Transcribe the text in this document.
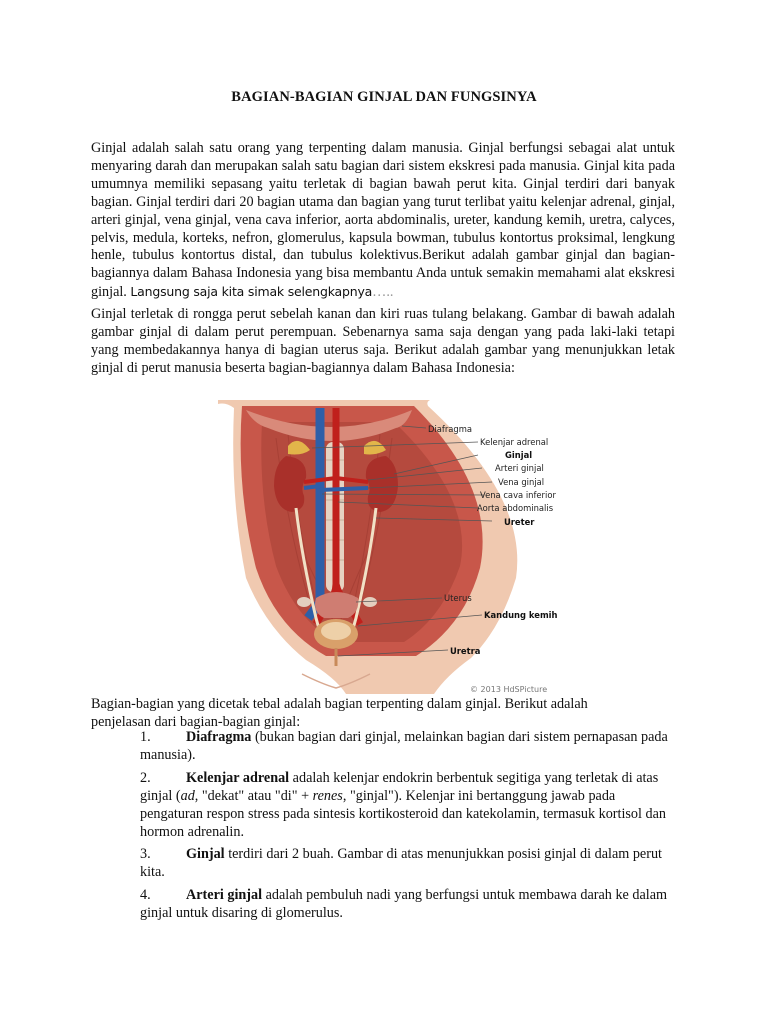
BAGIAN-BAGIAN GINJAL DAN FUNGSINYA
Ginjal adalah salah satu orang yang terpenting dalam manusia. Ginjal berfungsi sebagai alat untuk menyaring darah dan merupakan salah satu bagian dari sistem ekskresi pada manusia. Ginjal kita pada umumnya memiliki sepasang yaitu terletak di bagian bawah perut kita. Ginjal terdiri dari banyak bagian. Ginjal terdiri dari 20 bagian utama dan bagian yang turut terlibat yaitu kelenjar adrenal, ginjal, arteri ginjal, vena ginjal, vena cava inferior, aorta abdominalis, ureter, kandung kemih, uretra, calyces, pelvis, medula, korteks, nefron, glomerulus, kapsula bowman, tubulus kontortus proksimal, lengkung henle, tubulus kontortus distal, dan tubulus kolektivus.Berikut adalah gambar ginjal dan bagian-bagiannya dalam Bahasa Indonesia yang bisa membantu Anda untuk semakin memahami alat ekskresi ginjal. Langsung saja kita simak selengkapnya…..
Ginjal terletak di rongga perut sebelah kanan dan kiri ruas tulang belakang. Gambar di bawah adalah gambar ginjal di dalam perut perempuan. Sebenarnya sama saja dengan yang pada laki-laki tetapi yang membedakannya hanya di bagian uterus saja. Berikut adalah gambar yang menunjukkan letak ginjal di perut manusia beserta bagian-bagiannya dalam Bahasa Indonesia:
Diafragma
Kelenjar adrenal
Ginjal
Arteri ginjal
Vena ginjal
Vena cava inferior
Aorta abdominalis
Ureter
Uterus
Kandung kemih
Uretra
© 2013 HdSPicture
Bagian-bagian yang dicetak tebal adalah bagian terpenting dalam ginjal. Berikut adalah penjelasan dari bagian-bagian ginjal:
1. Diafragma (bukan bagian dari ginjal, melainkan bagian dari sistem pernapasan pada manusia).
2. Kelenjar adrenal adalah kelenjar endokrin berbentuk segitiga yang terletak di atas ginjal (ad, "dekat" atau "di" + renes, "ginjal"). Kelenjar ini bertanggung jawab pada pengaturan respon stress pada sintesis kortikosteroid dan katekolamin, termasuk kortisol dan hormon adrenalin.
3. Ginjal terdiri dari 2 buah. Gambar di atas menunjukkan posisi ginjal di dalam perut kita.
4. Arteri ginjal adalah pembuluh nadi yang berfungsi untuk membawa darah ke dalam ginjal untuk disaring di glomerulus.
